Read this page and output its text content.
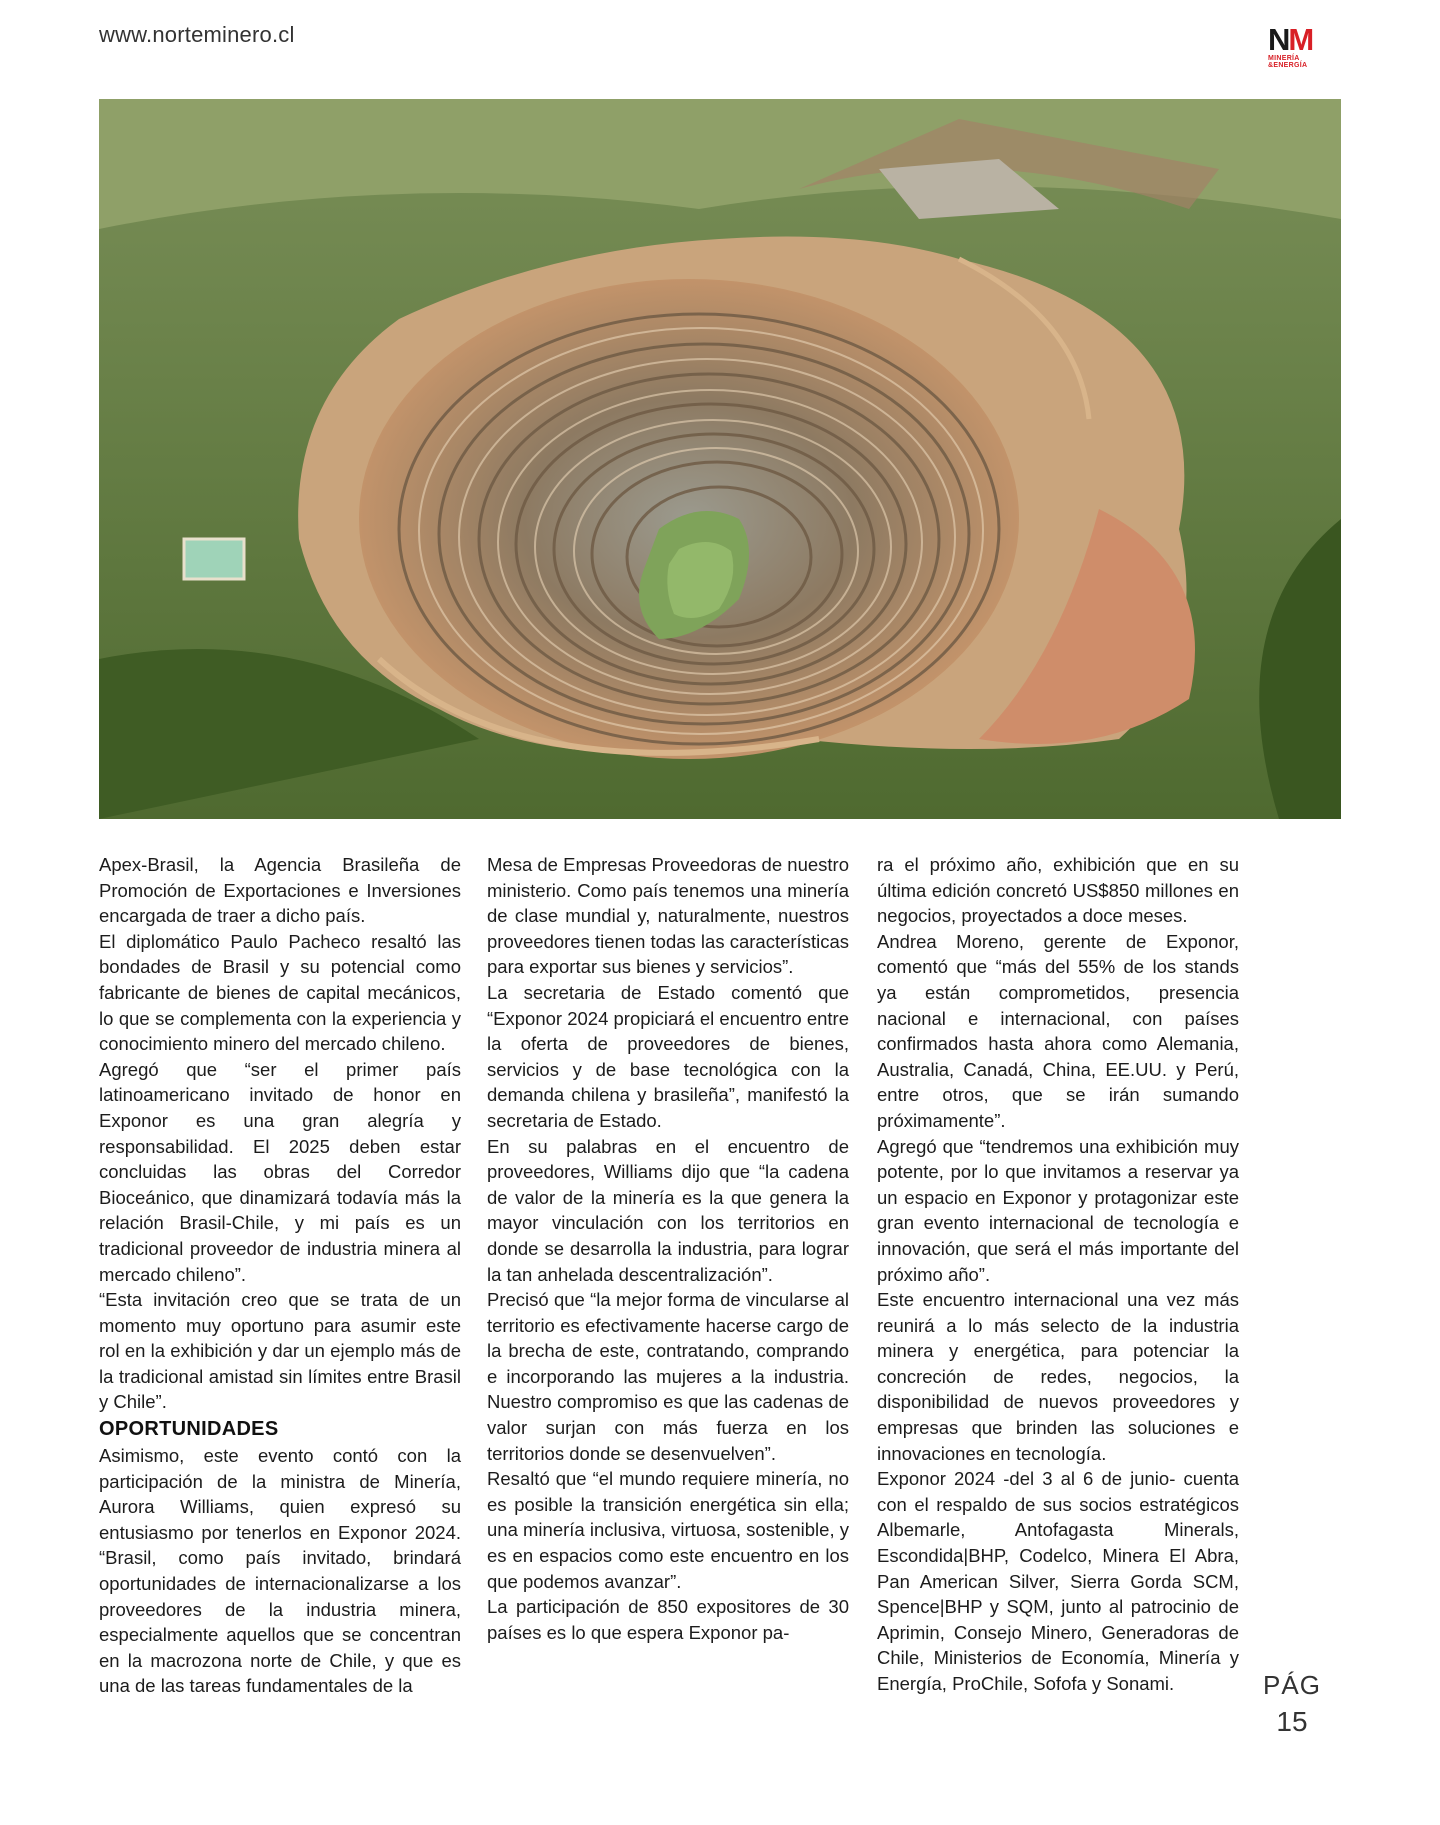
www.norteminero.cl	NM
MINERÍA
&ENERGÍA

Apex-Brasil, la Agencia Brasileña de Promoción de Exportaciones e Inversiones encargada de traer a dicho país.

El diplomático Paulo Pacheco resaltó las bondades de Brasil y su potencial como fabricante de bienes de capital mecánicos, lo que se complementa con la experiencia y conocimiento minero del mercado chileno.

Agregó que “ser el primer país latinoamericano invitado de honor en Exponor es una gran alegría y responsabilidad. El 2025 deben estar concluidas las obras del Corredor Bioceánico, que dinamizará todavía más la relación Brasil-Chile, y mi país es un tradicional proveedor de industria minera al mercado chileno”.

“Esta invitación creo que se trata de un momento muy oportuno para asumir este rol en la exhibición y dar un ejemplo más de la tradicional amistad sin límites entre Brasil y Chile”.

OPORTUNIDADES

Asimismo, este evento contó con la participación de la ministra de Minería, Aurora Williams, quien expresó su entusiasmo por tenerlos en Exponor 2024. “Brasil, como país invitado, brindará oportunidades de internacionalizarse a los proveedores de la industria minera, especialmente aquellos que se concentran en la macrozona norte de Chile, y que es una de las tareas fundamentales de la

Mesa de Empresas Proveedoras de nuestro ministerio. Como país tenemos una minería de clase mundial y, naturalmente, nuestros proveedores tienen todas las características para exportar sus bienes y servicios”.

La secretaria de Estado comentó que “Exponor 2024 propiciará el encuentro entre la oferta de proveedores de bienes, servicios y de base tecnológica con la demanda chilena y brasileña”, manifestó la secretaria de Estado.

En su palabras en el encuentro de proveedores, Williams dijo que “la cadena de valor de la minería es la que genera la mayor vinculación con los territorios en donde se desarrolla la industria, para lograr la tan anhelada descentralización”.

Precisó que “la mejor forma de vincularse al territorio es efectivamente hacerse cargo de la brecha de este, contratando, comprando e incorporando las mujeres a la industria. Nuestro compromiso es que las cadenas de valor surjan con más fuerza en los territorios donde se desenvuelven”.

Resaltó que “el mundo requiere minería, no es posible la transición energética sin ella; una minería inclusiva, virtuosa, sostenible, y es en espacios como este encuentro en los que podemos avanzar”.

La participación de 850 expositores de 30 países es lo que espera Exponor pa-

ra el próximo año, exhibición que en su última edición concretó US$850 millones en negocios, proyectados a doce meses.

Andrea Moreno, gerente de Exponor, comentó que “más del 55% de los stands ya están comprometidos, presencia nacional e internacional, con países confirmados hasta ahora como Alemania, Australia, Canadá, China, EE.UU. y Perú, entre otros, que se irán sumando próximamente”.

Agregó que “tendremos una exhibición muy potente, por lo que invitamos a reservar ya un espacio en Exponor y protagonizar este gran evento internacional de tecnología e innovación, que será el más importante del próximo año”.

Este encuentro internacional una vez más reunirá a lo más selecto de la industria minera y energética, para potenciar la concreción de redes, negocios, la disponibilidad de nuevos proveedores y empresas que brinden las soluciones e innovaciones en tecnología.

Exponor 2024 -del 3 al 6 de junio- cuenta con el respaldo de sus socios estratégicos Albemarle, Antofagasta Minerals, Escondida|BHP, Codelco, Minera El Abra, Pan American Silver, Sierra Gorda SCM, Spence|BHP y SQM, junto al patrocinio de Aprimin, Consejo Minero, Generadoras de Chile, Ministerios de Economía, Minería y Energía, ProChile, Sofofa y Sonami.	PÁG
15
